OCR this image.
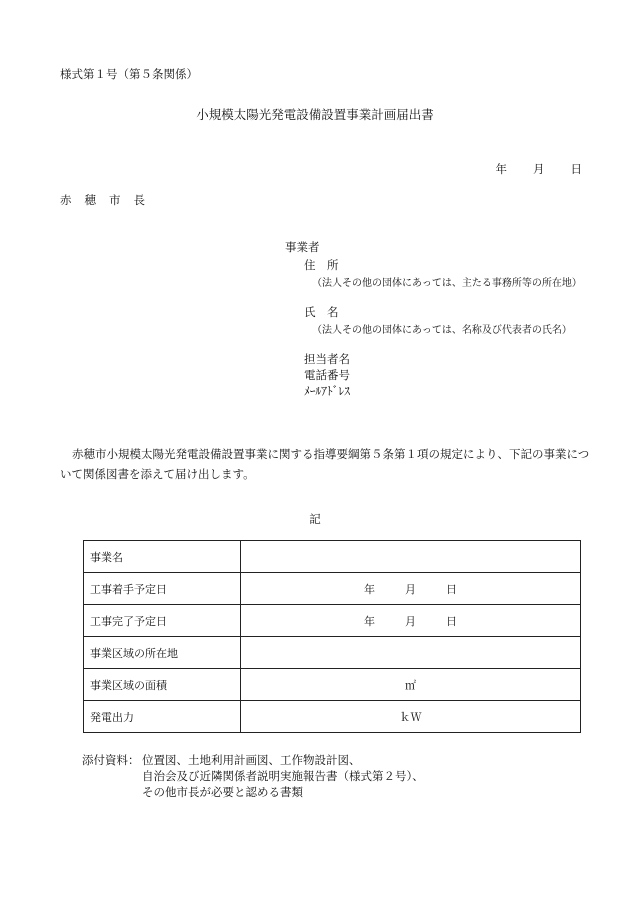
様式第１号（第５条関係）
小規模太陽光発電設備設置事業計画届出書
年 月 日
赤 穂 市 長
事業者
住　所
（法人その他の団体にあっては、主たる事務所等の所在地）
氏　名
（法人その他の団体にあっては、名称及び代表者の氏名）
担当者名
電話番号
ﾒｰﾙｱﾄﾞﾚｽ
赤穂市小規模太陽光発電設備設置事業に関する指導要綱第５条第１項の規定により、下記の事業について関係図書を添えて届け出します。
記
事業名	
工事着手予定日	年 月 日
工事完了予定日	年 月 日
事業区域の所在地	
事業区域の面積	㎡
発電出力	ｋＷ
添付資料： 位置図、土地利用計画図、工作物設計図、
自治会及び近隣関係者説明実施報告書（様式第２号）、
その他市長が必要と認める書類
